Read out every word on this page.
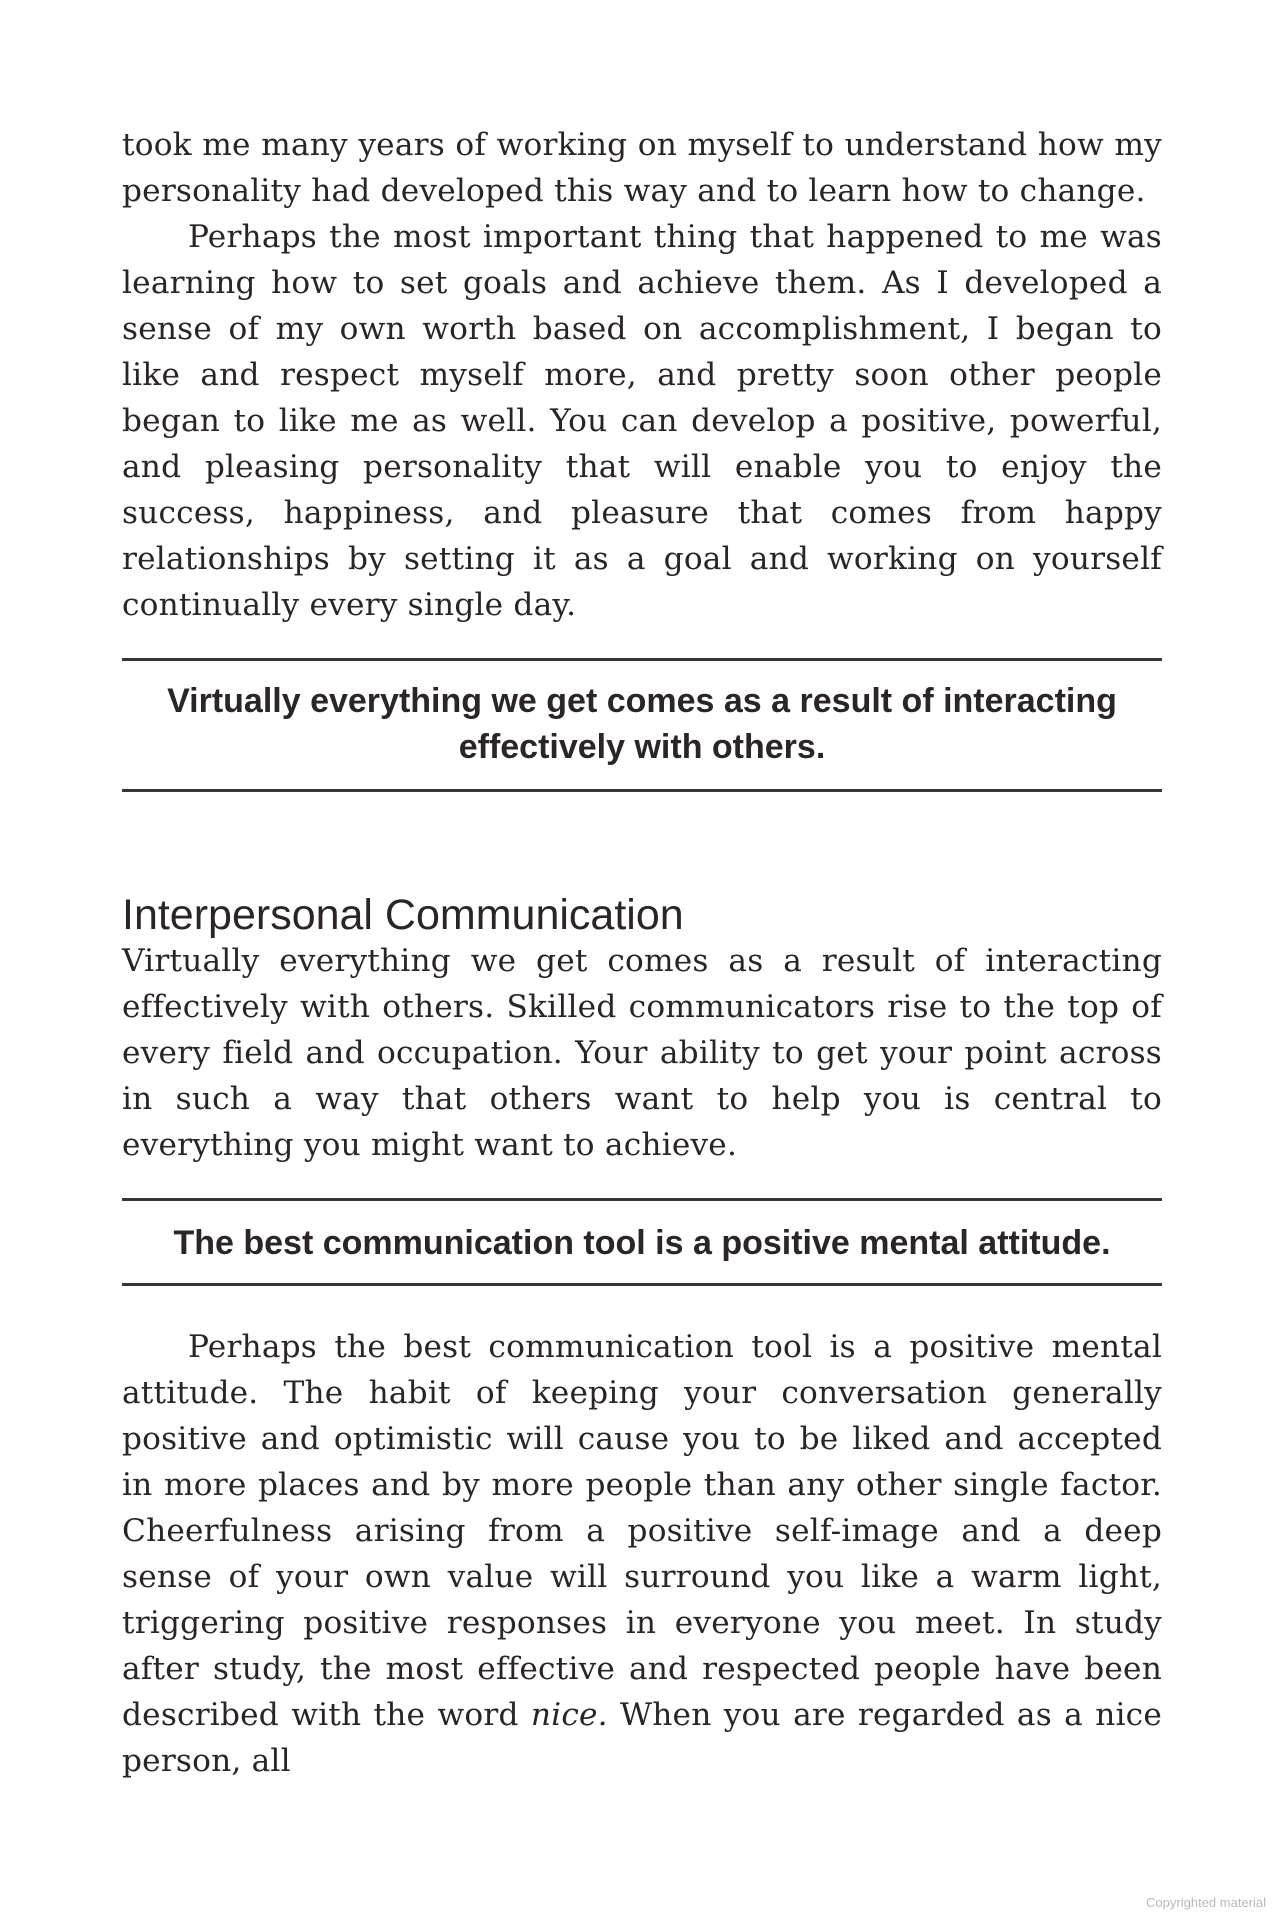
took me many years of working on myself to understand how my personality had developed this way and to learn how to change.

Perhaps the most important thing that happened to me was learning how to set goals and achieve them. As I developed a sense of my own worth based on accomplishment, I began to like and respect myself more, and pretty soon other people began to like me as well. You can develop a positive, powerful, and pleasing personality that will enable you to enjoy the success, happiness, and pleasure that comes from happy relationships by setting it as a goal and working on yourself continually every single day.

Virtually everything we get comes as a result of interacting effectively with others.
Interpersonal Communication

Virtually everything we get comes as a result of interacting effectively with others. Skilled communicators rise to the top of every field and occupation. Your ability to get your point across in such a way that others want to help you is central to everything you might want to achieve.

The best communication tool is a positive mental attitude.

Perhaps the best communication tool is a positive mental attitude. The habit of keeping your conversation generally positive and optimistic will cause you to be liked and accepted in more places and by more people than any other single factor. Cheerfulness arising from a positive self-image and a deep sense of your own value will surround you like a warm light, triggering positive responses in everyone you meet. In study after study, the most effective and respected people have been described with the word nice. When you are regarded as a nice person, all

Copyrighted material
